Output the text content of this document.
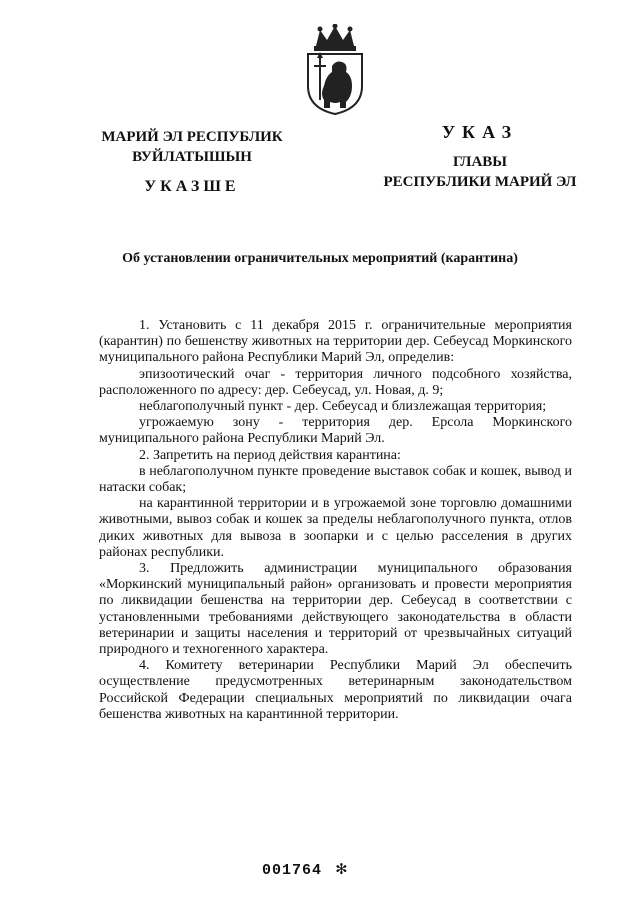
МАРИЙ ЭЛ РЕСПУБЛИК
ВУЙЛАТЫШЫН
УКАЗШЕ
УКАЗ
ГЛАВЫ
РЕСПУБЛИКИ МАРИЙ ЭЛ
Об установлении ограничительных мероприятий (карантина)

1. Установить с 11 декабря 2015 г. ограничительные мероприятия (карантин) по бешенству животных на территории дер. Себеусад Моркинского муниципального района Республики Марий Эл, определив:

эпизоотический очаг - территория личного подсобного хозяйства, расположенного по адресу: дер. Себеусад, ул. Новая, д. 9;

неблагополучный пункт - дер. Себеусад и близлежащая территория;

угрожаемую зону - территория дер. Ерсола Моркинского муниципального района Республики Марий Эл.

2. Запретить на период действия карантина:

в неблагополучном пункте проведение выставок собак и кошек, вывод и натаски собак;

на карантинной территории и в угрожаемой зоне торговлю домашними животными, вывоз собак и кошек за пределы неблагополучного пункта, отлов диких животных для вывоза в зоопарки и с целью расселения в других районах республики.

3. Предложить администрации муниципального образования «Моркинский муниципальный район» организовать и провести мероприятия по ликвидации бешенства на территории дер. Себеусад в соответствии с установленными требованиями действующего законодательства в области ветеринарии и защиты населения и территорий от чрезвычайных ситуаций природного и техногенного характера.

4. Комитету ветеринарии Республики Марий Эл обеспечить осуществление предусмотренных ветеринарным законодательством Российской Федерации специальных мероприятий по ликвидации очага бешенства животных на карантинной территории.

001764 ✻
